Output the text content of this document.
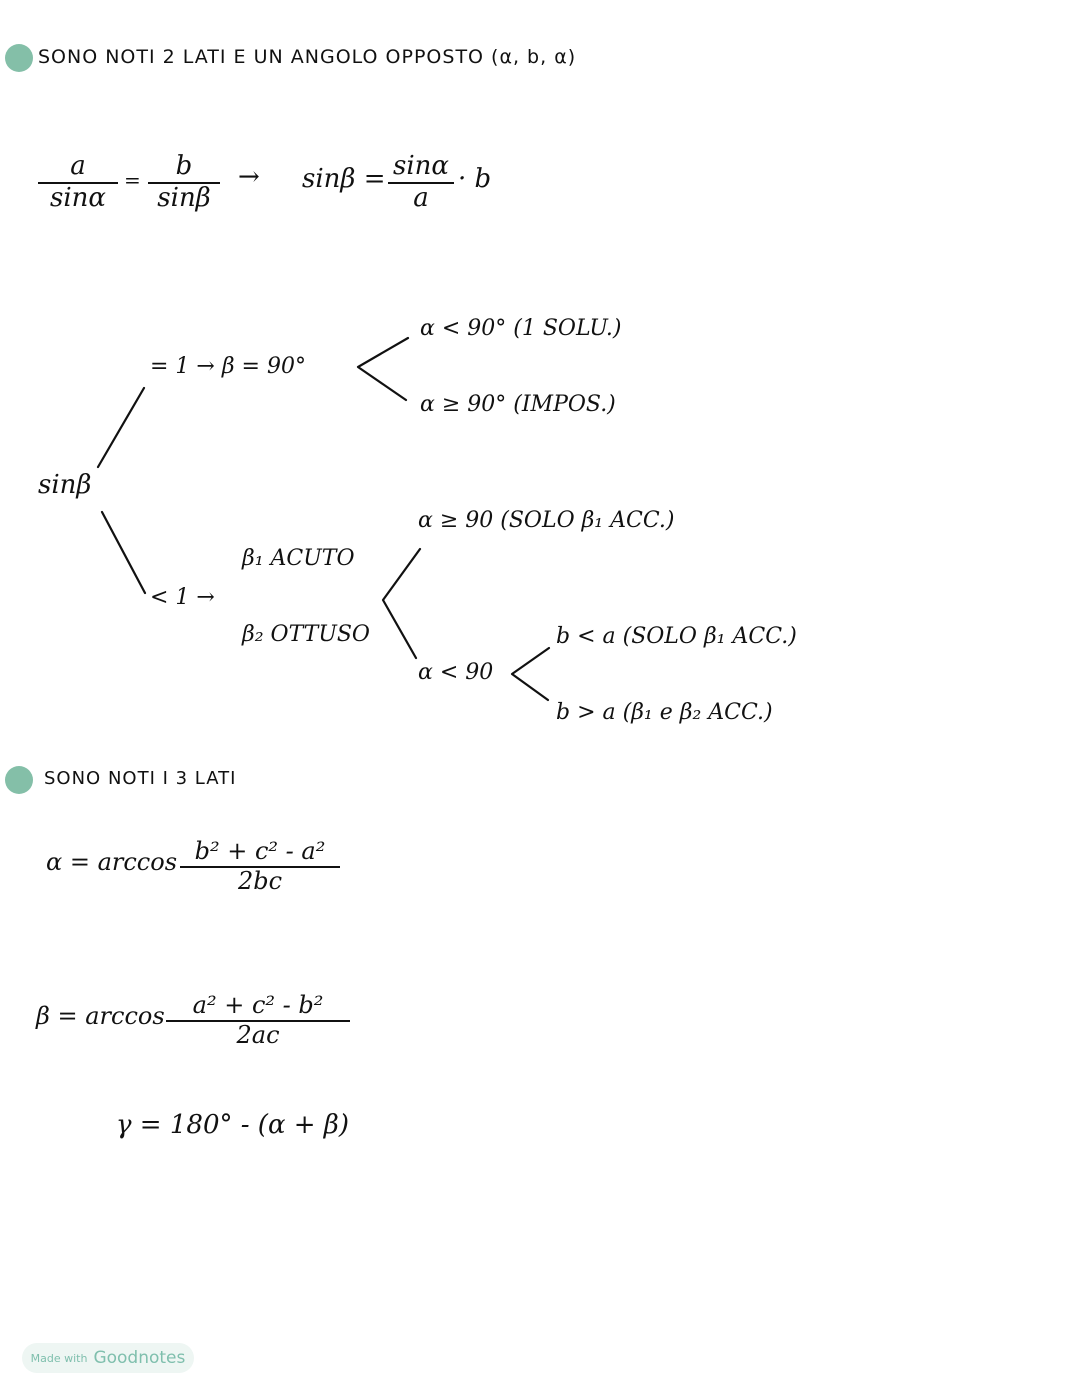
SONO NOTI 2 LATI E UN ANGOLO OPPOSTO (α, b, α)
a
sinα
= b
sinβ
→ sinβ = sinα
a
· b
sinβ
= 1 → β = 90°
α < 90° (1 SOLU.)
α ≥ 90° (IMPOS.)
< 1 →
β₁ ACUTO
β₂ OTTUSO
α ≥ 90 (SOLO β₁ ACC.)
α < 90
b < a (SOLO β₁ ACC.)
b > a (β₁ e β₂ ACC.)
SONO NOTI I 3 LATI
α = arccos b² + c² - a²
2bc
β = arccos a² + c² - b²
2ac
γ = 180° - (α + β)
Made with Goodnotes
